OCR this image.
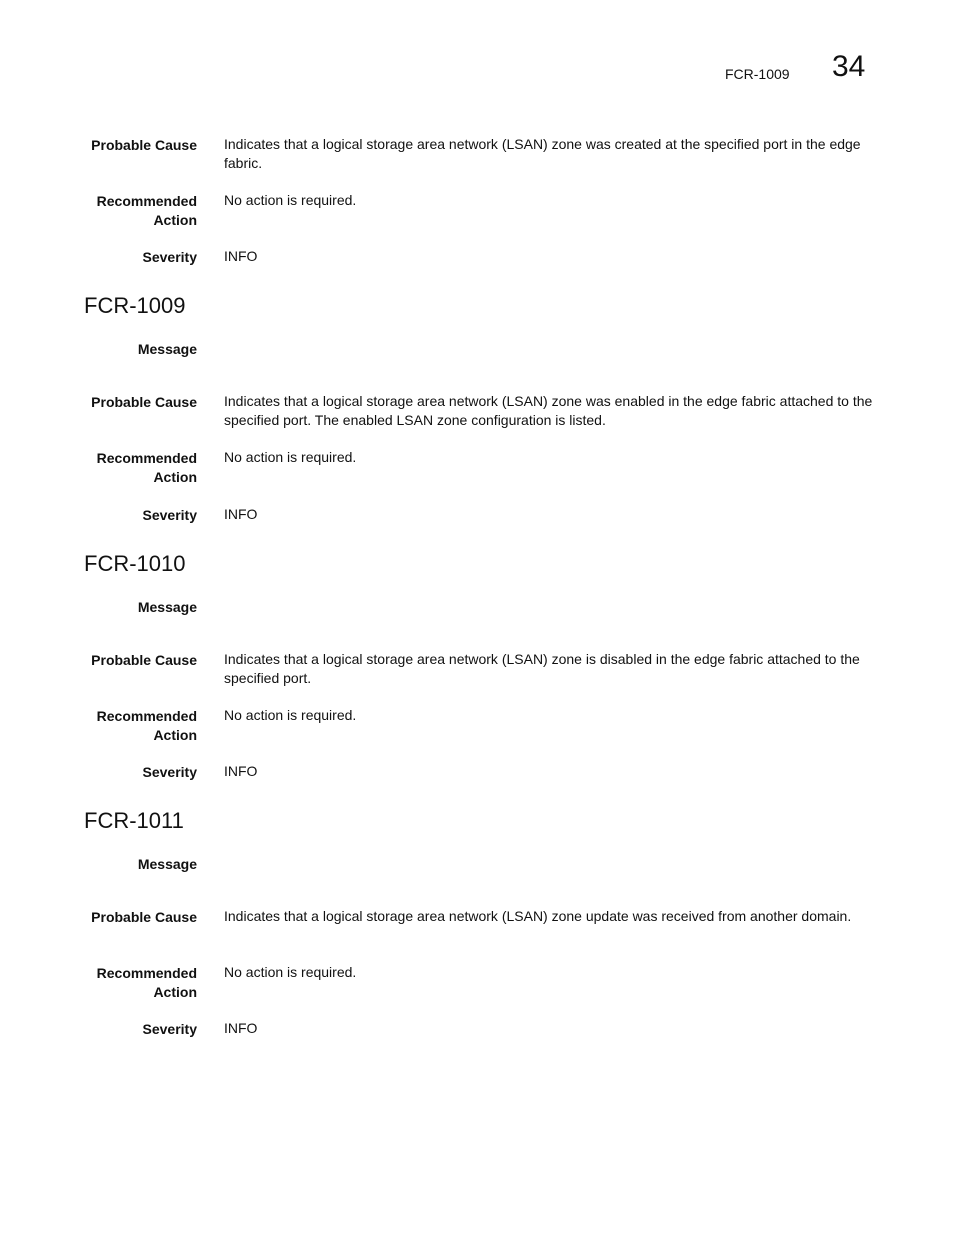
FCR-1009 34
Probable Cause Indicates that a logical storage area network (LSAN) zone was created at the specified port in the edge fabric.
Recommended Action
No action is required.
Severity INFO
FCR-1009
Message
Probable Cause Indicates that a logical storage area network (LSAN) zone was enabled in the edge fabric attached to the specified port. The enabled LSAN zone configuration is listed.
Recommended Action
No action is required.
Severity INFO
FCR-1010
Message
Probable Cause Indicates that a logical storage area network (LSAN) zone is disabled in the edge fabric attached to the specified port.
Recommended Action
No action is required.
Severity INFO
FCR-1011
Message
Probable Cause Indicates that a logical storage area network (LSAN) zone update was received from another domain.
Recommended Action
No action is required.
Severity INFO
